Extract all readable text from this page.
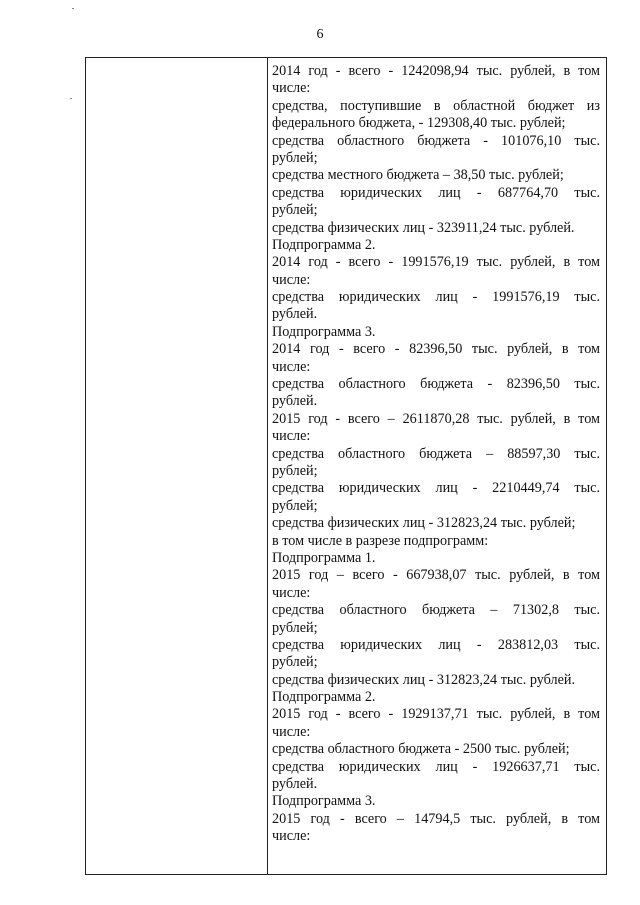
6
2014 год - всего - 1242098,94 тыс. рублей, в том
числе:
средства, поступившие в областной бюджет из
федерального бюджета, - 129308,40 тыс. рублей;
средства областного бюджета - 101076,10 тыс.
рублей;
средства местного бюджета – 38,50 тыс. рублей;
средства юридических лиц - 687764,70 тыс.
рублей;
средства физических лиц - 323911,24 тыс. рублей.
Подпрограмма 2.
2014 год - всего - 1991576,19 тыс. рублей, в том
числе:
средства юридических лиц - 1991576,19 тыс.
рублей.
Подпрограмма 3.
2014 год - всего - 82396,50 тыс. рублей, в том
числе:
средства областного бюджета - 82396,50 тыс.
рублей.
2015 год - всего – 2611870,28 тыс. рублей, в том
числе:
средства областного бюджета – 88597,30 тыс.
рублей;
средства юридических лиц - 2210449,74 тыс.
рублей;
средства физических лиц - 312823,24 тыс. рублей;
в том числе в разрезе подпрограмм:
Подпрограмма 1.
2015 год – всего - 667938,07 тыс. рублей, в том
числе:
средства областного бюджета – 71302,8 тыс.
рублей;
средства юридических лиц - 283812,03 тыс.
рублей;
средства физических лиц - 312823,24 тыс. рублей.
Подпрограмма 2.
2015 год - всего - 1929137,71 тыс. рублей, в том
числе:
средства областного бюджета - 2500 тыс. рублей;
средства юридических лиц - 1926637,71 тыс.
рублей.
Подпрограмма 3.
2015 год - всего – 14794,5 тыс. рублей, в том
числе:
